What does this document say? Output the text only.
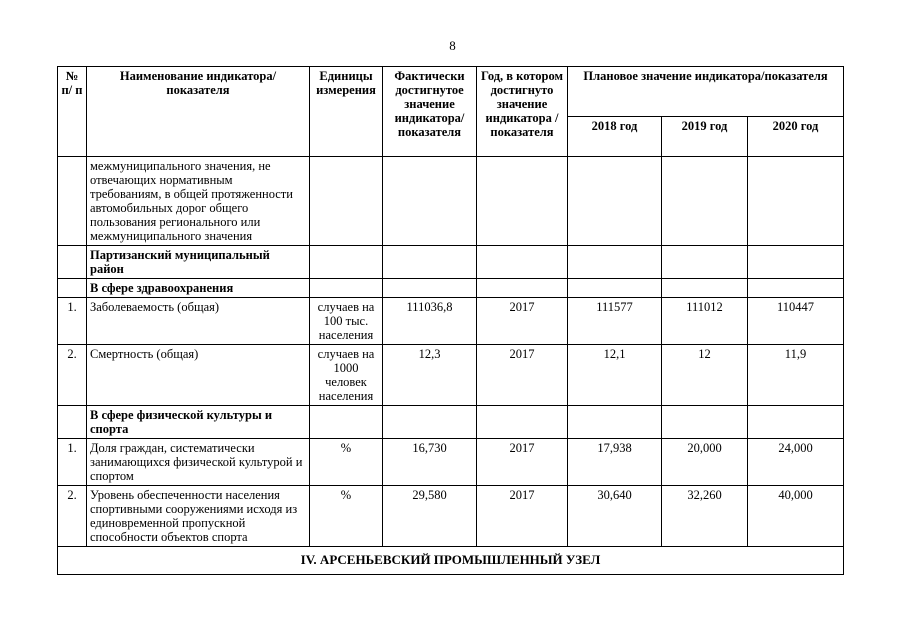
8
№ п/ п	Наименование индикатора/ показателя	Единицы измерения	Фактически достигнутое значение индикатора/ показателя	Год, в котором достигнуто значение индикатора /показателя	Плановое значение индикатора/показателя		
					2018 год	2019 год	2020 год
	межмуниципального значения, не отвечающих нормативным требованиям, в общей протяженности автомобильных дорог общего пользования регионального или межмуниципального значения						
	Партизанский муниципальный район						
	В сфере здравоохранения						
1.	Заболеваемость (общая)	случаев на 100 тыс. населения	111036,8	2017	111577	111012	110447
2.	Смертность (общая)	случаев на 1000 человек населения	12,3	2017	12,1	12	11,9
	В сфере физической культуры и спорта						
1.	Доля граждан, систематически занимающихся физической культурой и спортом	%	16,730	2017	17,938	20,000	24,000
2.	Уровень обеспеченности населения спортивными сооружениями исходя из единовременной пропускной способности объектов спорта	%	29,580	2017	30,640	32,260	40,000
IV. АРСЕНЬЕВСКИЙ ПРОМЫШЛЕННЫЙ УЗЕЛ							
